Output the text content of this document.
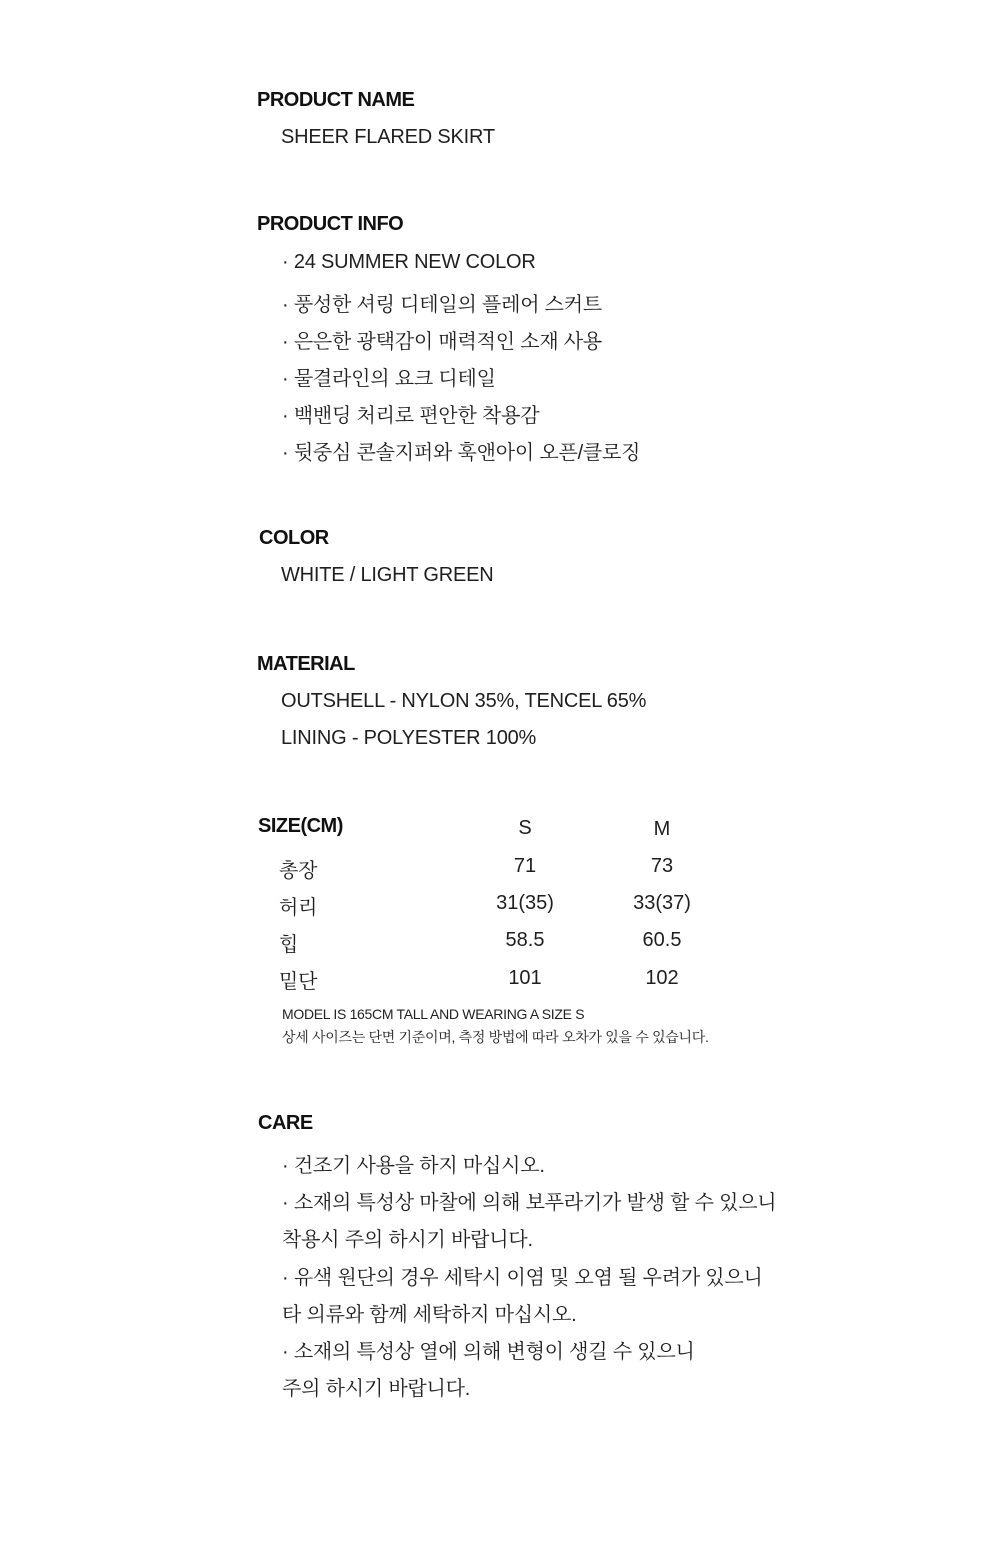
PRODUCT NAME
SHEER FLARED SKIRT
PRODUCT INFO
· 24 SUMMER NEW COLOR
· 풍성한 셔링 디테일의 플레어 스커트
· 은은한 광택감이 매력적인 소재 사용
· 물결라인의 요크 디테일
· 백밴딩 처리로 편안한 착용감
· 뒷중심 콘솔지퍼와 훅앤아이 오픈/클로징
COLOR
WHITE / LIGHT GREEN
MATERIAL
OUTSHELL - NYLON 35%, TENCEL 65%
LINING - POLYESTER 100%
SIZE(CM)	S	M
총장	71	73
허리	31(35)	33(37)
힙	58.5	60.5
밑단	101	102
MODEL IS 165CM TALL AND WEARING A SIZE S
상세 사이즈는 단면 기준이며, 측정 방법에 따라 오차가 있을 수 있습니다.
CARE
· 건조기 사용을 하지 마십시오.
· 소재의 특성상 마찰에 의해 보푸라기가 발생 할 수 있으니
착용시 주의 하시기 바랍니다.
· 유색 원단의 경우 세탁시 이염 및 오염 될 우려가 있으니
타 의류와 함께 세탁하지 마십시오.
· 소재의 특성상 열에 의해 변형이 생길 수 있으니
주의 하시기 바랍니다.
